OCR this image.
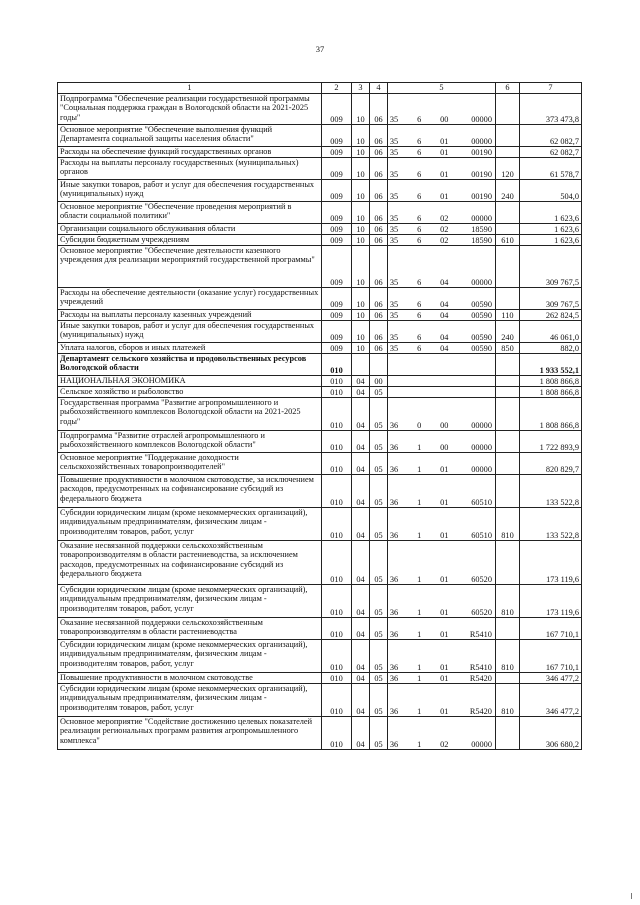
37
1	2	3	4	5	6	7
Подпрограмма "Обеспечение реализации государственной программы "Социальная поддержка граждан в Вологодской области на 2021-2025 годы"	009	10	06	35 6 00 00000		373 473,8
Основное мероприятие "Обеспечение выполнения функций Департамента социальной защиты населения области"	009	10	06	35 6 01 00000		62 082,7
Расходы на обеспечение функций государственных органов	009	10	06	35 6 01 00190		62 082,7
Расходы на выплаты персоналу государственных (муниципальных) органов	009	10	06	35 6 01 00190	120	61 578,7
Иные закупки товаров, работ и услуг для обеспечения государственных (муниципальных) нужд	009	10	06	35 6 01 00190	240	504,0
Основное мероприятие "Обеспечение проведения мероприятий в области социальной политики"	009	10	06	35 6 02 00000		1 623,6
Организации социального обслуживания области	009	10	06	35 6 02 18590		1 623,6
Субсидии бюджетным учреждениям	009	10	06	35 6 02 18590	610	1 623,6
Основное мероприятие "Обеспечение деятельности казенного учреждения для реализации мероприятий государственной программы"	009	10	06	35 6 04 00000		309 767,5
Расходы на обеспечение деятельности (оказание услуг) государственных учреждений	009	10	06	35 6 04 00590		309 767,5
Расходы на выплаты персоналу казенных учреждений	009	10	06	35 6 04 00590	110	262 824,5
Иные закупки товаров, работ и услуг для обеспечения государственных (муниципальных) нужд	009	10	06	35 6 04 00590	240	46 061,0
Уплата налогов, сборов и иных платежей	009	10	06	35 6 04 00590	850	882,0
Департамент сельского хозяйства и продовольственных ресурсов Вологодской области	010					1 933 552,1
НАЦИОНАЛЬНАЯ ЭКОНОМИКА	010	04	00			1 808 866,8
Сельское хозяйство и рыболовство	010	04	05			1 808 866,8
Государственная программа "Развитие агропромышленного и рыбохозяйственного комплексов Вологодской области на 2021-2025 годы"	010	04	05	36 0 00 00000		1 808 866,8
Подпрограмма "Развитие отраслей агропромышленного и рыбохозяйственного комплексов Вологодской области"	010	04	05	36 1 00 00000		1 722 893,9
Основное мероприятие "Поддержание доходности сельскохозяйственных товаропроизводителей"	010	04	05	36 1 01 00000		820 829,7
Повышение продуктивности в молочном скотоводстве, за исключением расходов, предусмотренных на софинансирование субсидий из федерального бюджета	010	04	05	36 1 01 60510		133 522,8
Субсидии юридическим лицам (кроме некоммерческих организаций), индивидуальным предпринимателям, физическим лицам - производителям товаров, работ, услуг	010	04	05	36 1 01 60510	810	133 522,8
Оказание несвязанной поддержки сельскохозяйственным товаропроизводителям в области растениеводства, за исключением расходов, предусмотренных на софинансирование субсидий из федерального бюджета	010	04	05	36 1 01 60520		173 119,6
Субсидии юридическим лицам (кроме некоммерческих организаций), индивидуальным предпринимателям, физическим лицам - производителям товаров, работ, услуг	010	04	05	36 1 01 60520	810	173 119,6
Оказание несвязанной поддержки сельскохозяйственным товаропроизводителям в области растениеводства	010	04	05	36 1 01 R5410		167 710,1
Субсидии юридическим лицам (кроме некоммерческих организаций), индивидуальным предпринимателям, физическим лицам - производителям товаров, работ, услуг	010	04	05	36 1 01 R5410	810	167 710,1
Повышение продуктивности в молочном скотоводстве	010	04	05	36 1 01 R5420		346 477,2
Субсидии юридическим лицам (кроме некоммерческих организаций), индивидуальным предпринимателям, физическим лицам - производителям товаров, работ, услуг	010	04	05	36 1 01 R5420	810	346 477,2
Основное мероприятие "Содействие достижению целевых показателей реализации региональных программ развития агропромышленного комплекса"	010	04	05	36 1 02 00000		306 680,2
